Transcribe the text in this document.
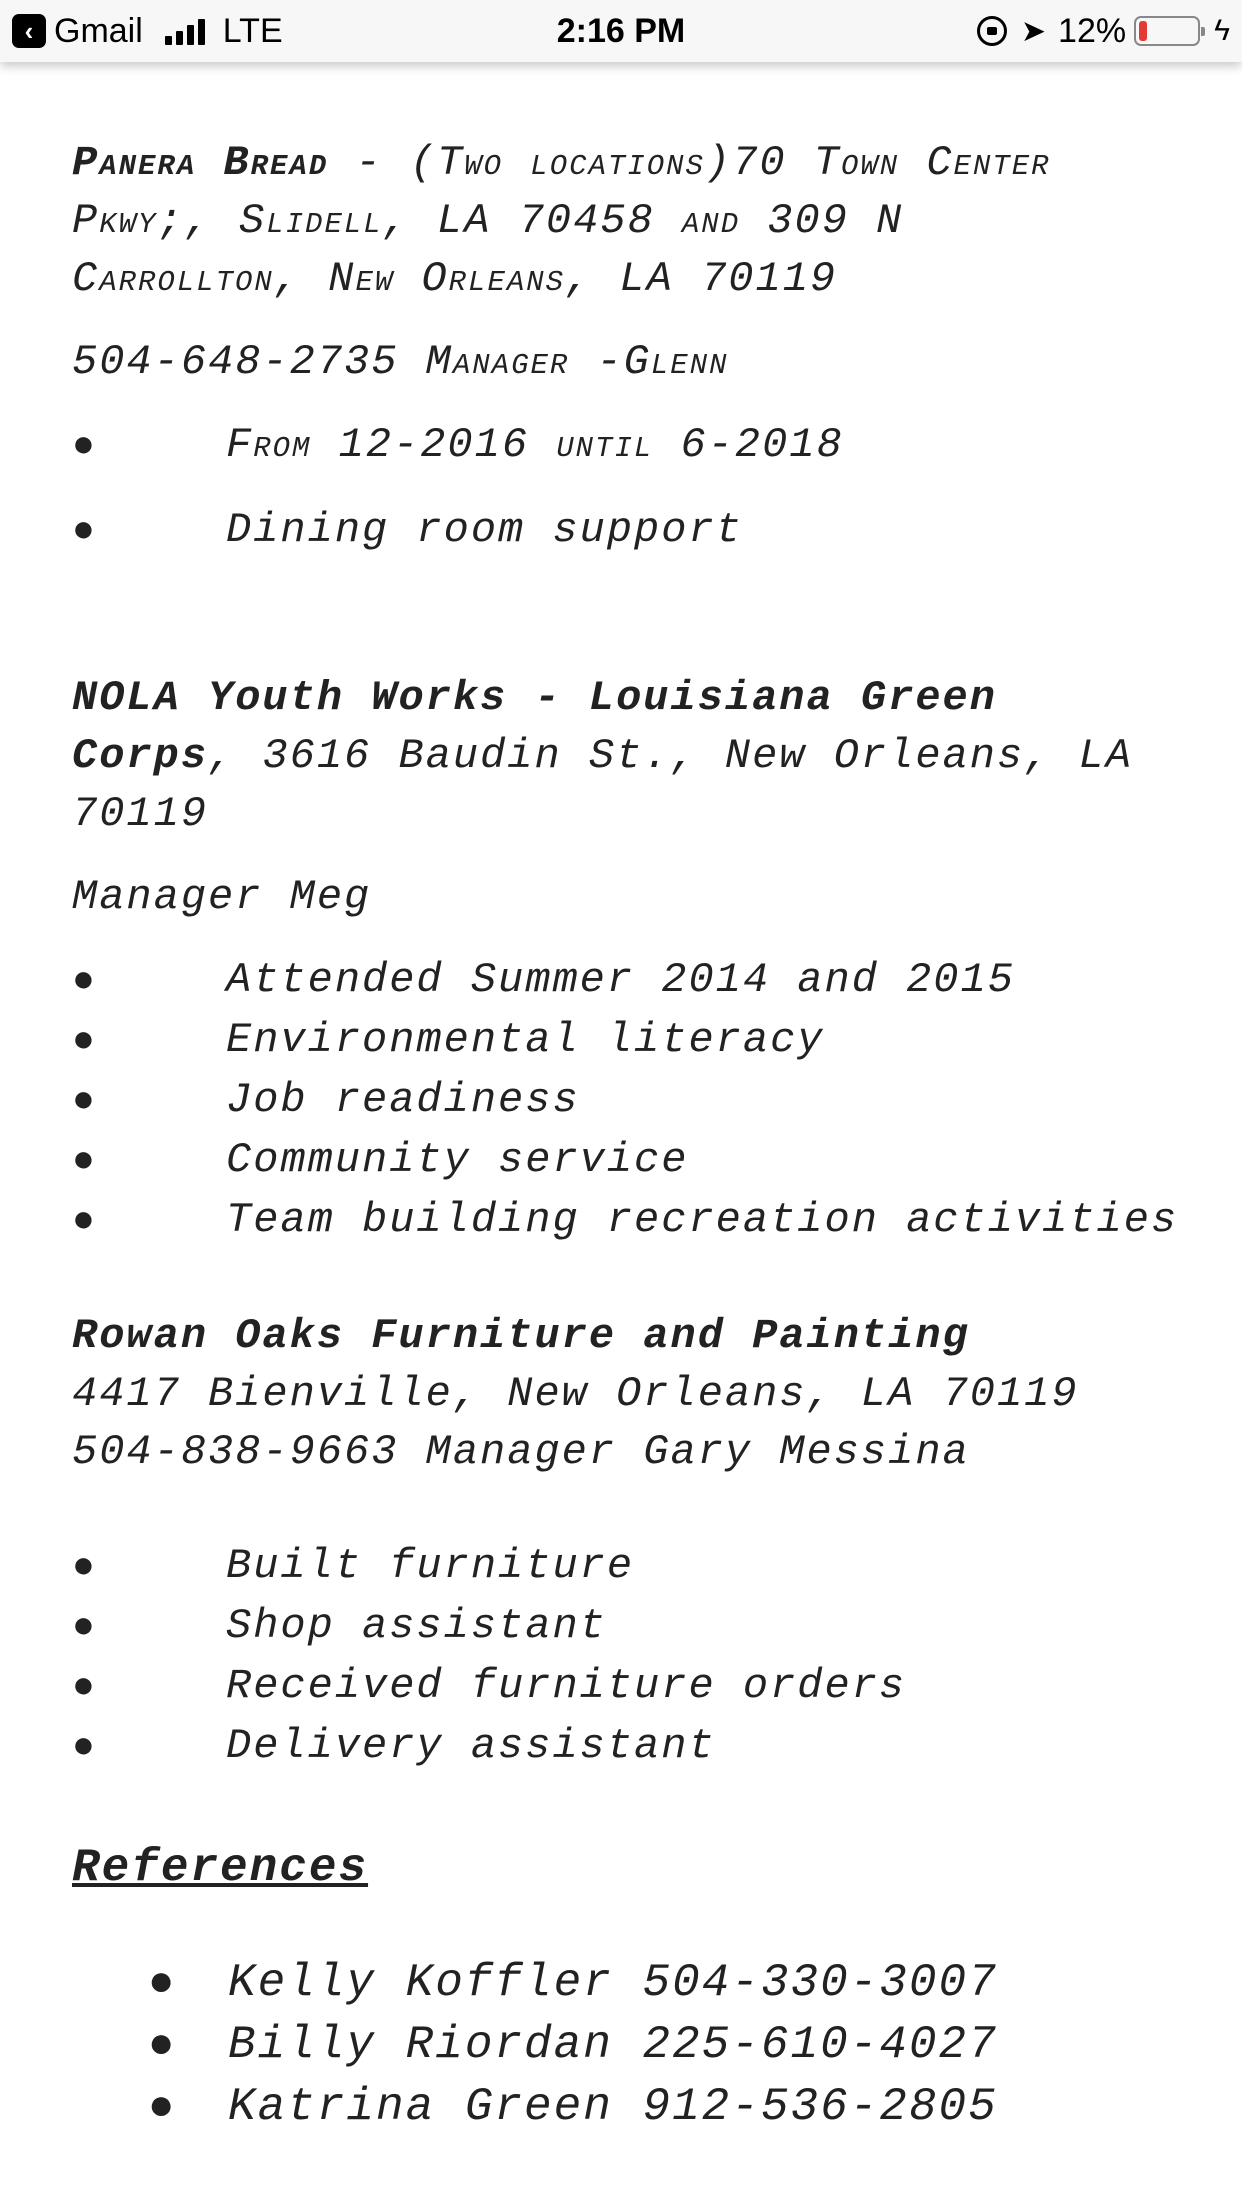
‹ Gmail LTE	2:16 PM	➤ 12%	ϟ

Panera Bread - (Two locations)70 Town Center

Pkwy;, Slidell, LA 70458 and 309 N

Carrollton, New Orleans, LA 70119

504-648-2735 Manager -Glenn

●	From 12-2016 until 6-2018
●	Dining room support

NOLA Youth Works - Louisiana Green

Corps, 3616 Baudin St., New Orleans, LA

70119

Manager Meg

●	Attended Summer 2014 and 2015
●	Environmental literacy
●	Job readiness
●	Community service
●	Team building recreation activities

Rowan Oaks Furniture and Painting

4417 Bienville, New Orleans, LA 70119

504-838-9663 Manager Gary Messina

●	Built furniture
●	Shop assistant
●	Received furniture orders
●	Delivery assistant

References

●	Kelly Koffler 504-330-3007
●	Billy Riordan 225-610-4027
●	Katrina Green 912-536-2805
